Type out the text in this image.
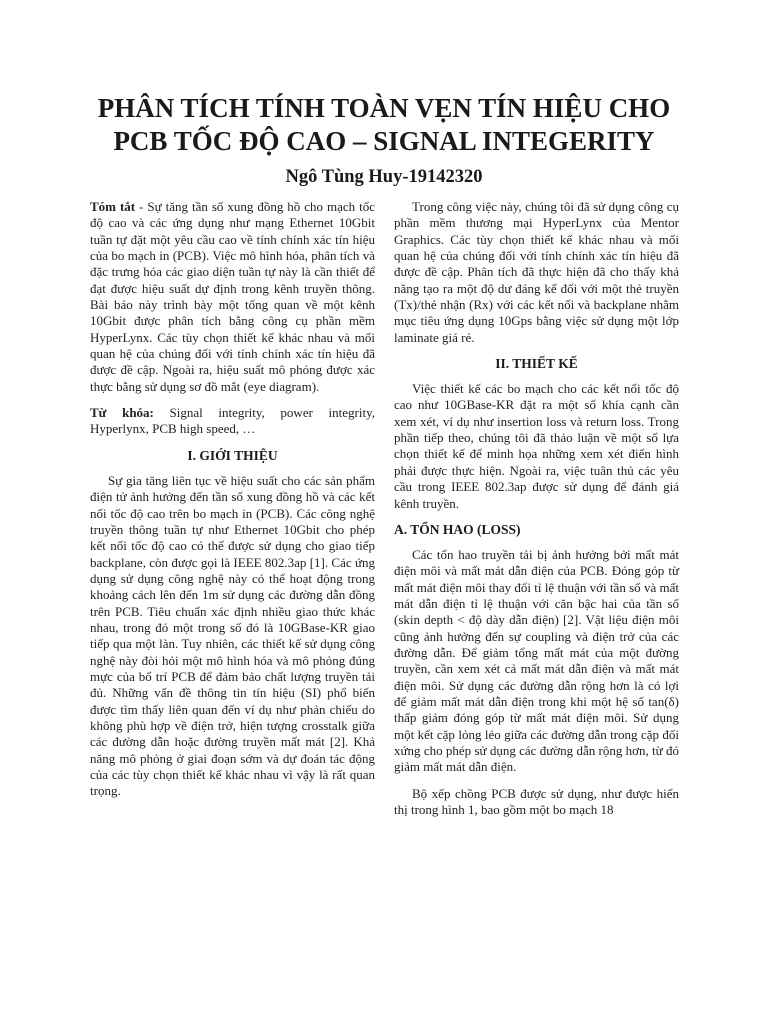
PHÂN TÍCH TÍNH TOÀN VẸN TÍN HIỆU CHO
PCB TỐC ĐỘ CAO – SIGNAL INTEGERITY
Ngô Tùng Huy-19142320

Tóm tắt - Sự tăng tần số xung đồng hồ cho mạch tốc độ cao và các ứng dụng như mạng Ethernet 10Gbit tuần tự đặt một yêu cầu cao về tính chính xác tín hiệu của bo mạch in (PCB). Việc mô hình hóa, phân tích và đặc trưng hóa các giao diện tuần tự này là cần thiết để đạt được hiệu suất dự định trong kênh truyền thông. Bài báo này trình bày một tổng quan về một kênh 10Gbit được phân tích bằng công cụ phần mềm HyperLynx. Các tùy chọn thiết kế khác nhau và mối quan hệ của chúng đối với tính chính xác tín hiệu đã được đề cập. Ngoài ra, hiệu suất mô phỏng được xác thực bằng sử dụng sơ đồ mắt (eye diagram).

Từ khóa: Signal integrity, power integrity, Hyperlynx, PCB high speed, …

I. GIỚI THIỆU

Sự gia tăng liên tục về hiệu suất cho các sản phẩm điện tử ảnh hưởng đến tần số xung đồng hồ và các kết nối tốc độ cao trên bo mạch in (PCB). Các công nghệ truyền thông tuần tự như Ethernet 10Gbit cho phép kết nối tốc độ cao có thể được sử dụng cho giao tiếp backplane, còn được gọi là IEEE 802.3ap [1]. Các ứng dụng sử dụng công nghệ này có thể hoạt động trong khoảng cách lên đến 1m sử dụng các đường dẫn đồng trên PCB. Tiêu chuẩn xác định nhiều giao thức khác nhau, trong đó một trong số đó là 10GBase-KR giao tiếp qua một làn. Tuy nhiên, các thiết kế sử dụng công nghệ này đòi hỏi một mô hình hóa và mô phỏng đúng mực của bố trí PCB để đảm bảo chất lượng truyền tải đủ. Những vấn đề thông tin tín hiệu (SI) phổ biến được tìm thấy liên quan đến ví dụ như phản chiếu do không phù hợp về điện trở, hiện tượng crosstalk giữa các đường dẫn hoặc đường truyền mất mát [2]. Khả năng mô phỏng ở giai đoạn sớm và dự đoán tác động của các tùy chọn thiết kế khác nhau vì vậy là rất quan trọng.

Trong công việc này, chúng tôi đã sử dụng công cụ phần mềm thương mại HyperLynx của Mentor Graphics. Các tùy chọn thiết kế khác nhau và mối quan hệ của chúng đối với tính chính xác tín hiệu đã được đề cập. Phân tích đã thực hiện đã cho thấy khả năng tạo ra một độ dư đáng kể đối với một thẻ truyền (Tx)/thẻ nhận (Rx) với các kết nối và backplane nhằm mục tiêu ứng dụng 10Gps bằng việc sử dụng một lớp laminate giá rẻ.

II. THIẾT KẾ

Việc thiết kế các bo mạch cho các kết nối tốc độ cao như 10GBase-KR đặt ra một số khía cạnh cần xem xét, ví dụ như insertion loss và return loss. Trong phần tiếp theo, chúng tôi đã thảo luận về một số lựa chọn thiết kế để minh họa những xem xét điển hình phải được thực hiện. Ngoài ra, việc tuân thủ các yêu cầu trong IEEE 802.3ap được sử dụng để đánh giá kênh truyền.

A. TỔN HAO (LOSS)

Các tổn hao truyền tải bị ảnh hưởng bởi mất mát điện môi và mất mát dẫn điện của PCB. Đóng góp từ mất mát điện môi thay đổi tỉ lệ thuận với tần số và mất mát dẫn điện tỉ lệ thuận với căn bậc hai của tần số (skin depth < độ dày dẫn điện) [2]. Vật liệu điện môi cũng ảnh hưởng đến sự coupling và điện trở của các đường dẫn. Để giảm tổng mất mát của một đường truyền, cần xem xét cả mất mát dẫn điện và mất mát điện môi. Sử dụng các đường dẫn rộng hơn là có lợi để giảm mất mát dẫn điện trong khi một hệ số tan(δ) thấp giảm đóng góp từ mất mát điện môi. Sử dụng một kết cặp lỏng lẻo giữa các đường dẫn trong cặp đối xứng cho phép sử dụng các đường dẫn rộng hơn, từ đó giảm mất mát dẫn điện.

Bộ xếp chồng PCB được sử dụng, như được hiển thị trong hình 1, bao gồm một bo mạch 18
